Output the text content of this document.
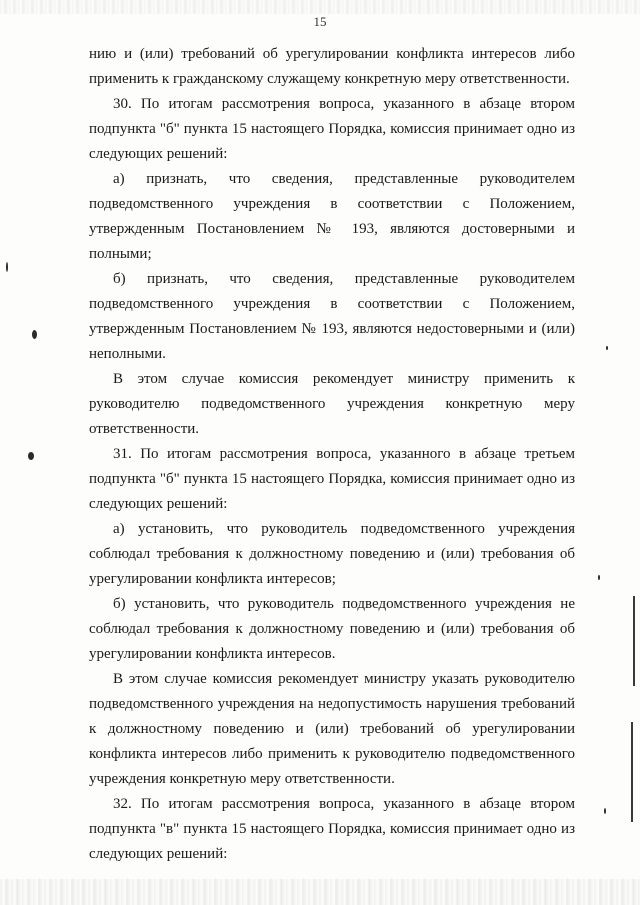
15

нию и (или) требований об урегулировании конфликта интересов либо применить к гражданскому служащему конкретную меру ответственности.

30. По итогам рассмотрения вопроса, указанного в абзаце втором подпункта "б" пункта 15 настоящего Порядка, комиссия принимает одно из следующих решений:

а) признать, что сведения, представленные руководителем подведомственного учреждения в соответствии с Положением, утвержденным Постановлением № 193, являются достоверными и полными;

б) признать, что сведения, представленные руководителем подведомственного учреждения в соответствии с Положением, утвержденным Постановлением № 193, являются недостоверными и (или) неполными.

В этом случае комиссия рекомендует министру применить к руководителю подведомственного учреждения конкретную меру ответственности.

31. По итогам рассмотрения вопроса, указанного в абзаце третьем подпункта "б" пункта 15 настоящего Порядка, комиссия принимает одно из следующих решений:

а) установить, что руководитель подведомственного учреждения соблюдал требования к должностному поведению и (или) требования об урегулировании конфликта интересов;

б) установить, что руководитель подведомственного учреждения не соблюдал требования к должностному поведению и (или) требования об урегулировании конфликта интересов.

В этом случае комиссия рекомендует министру указать руководителю подведомственного учреждения на недопустимость нарушения требований к должностному поведению и (или) требований об урегулировании конфликта интересов либо применить к руководителю подведомственного учреждения конкретную меру ответственности.

32. По итогам рассмотрения вопроса, указанного в абзаце втором подпункта "в" пункта 15 настоящего Порядка, комиссия принимает одно из следующих решений:
